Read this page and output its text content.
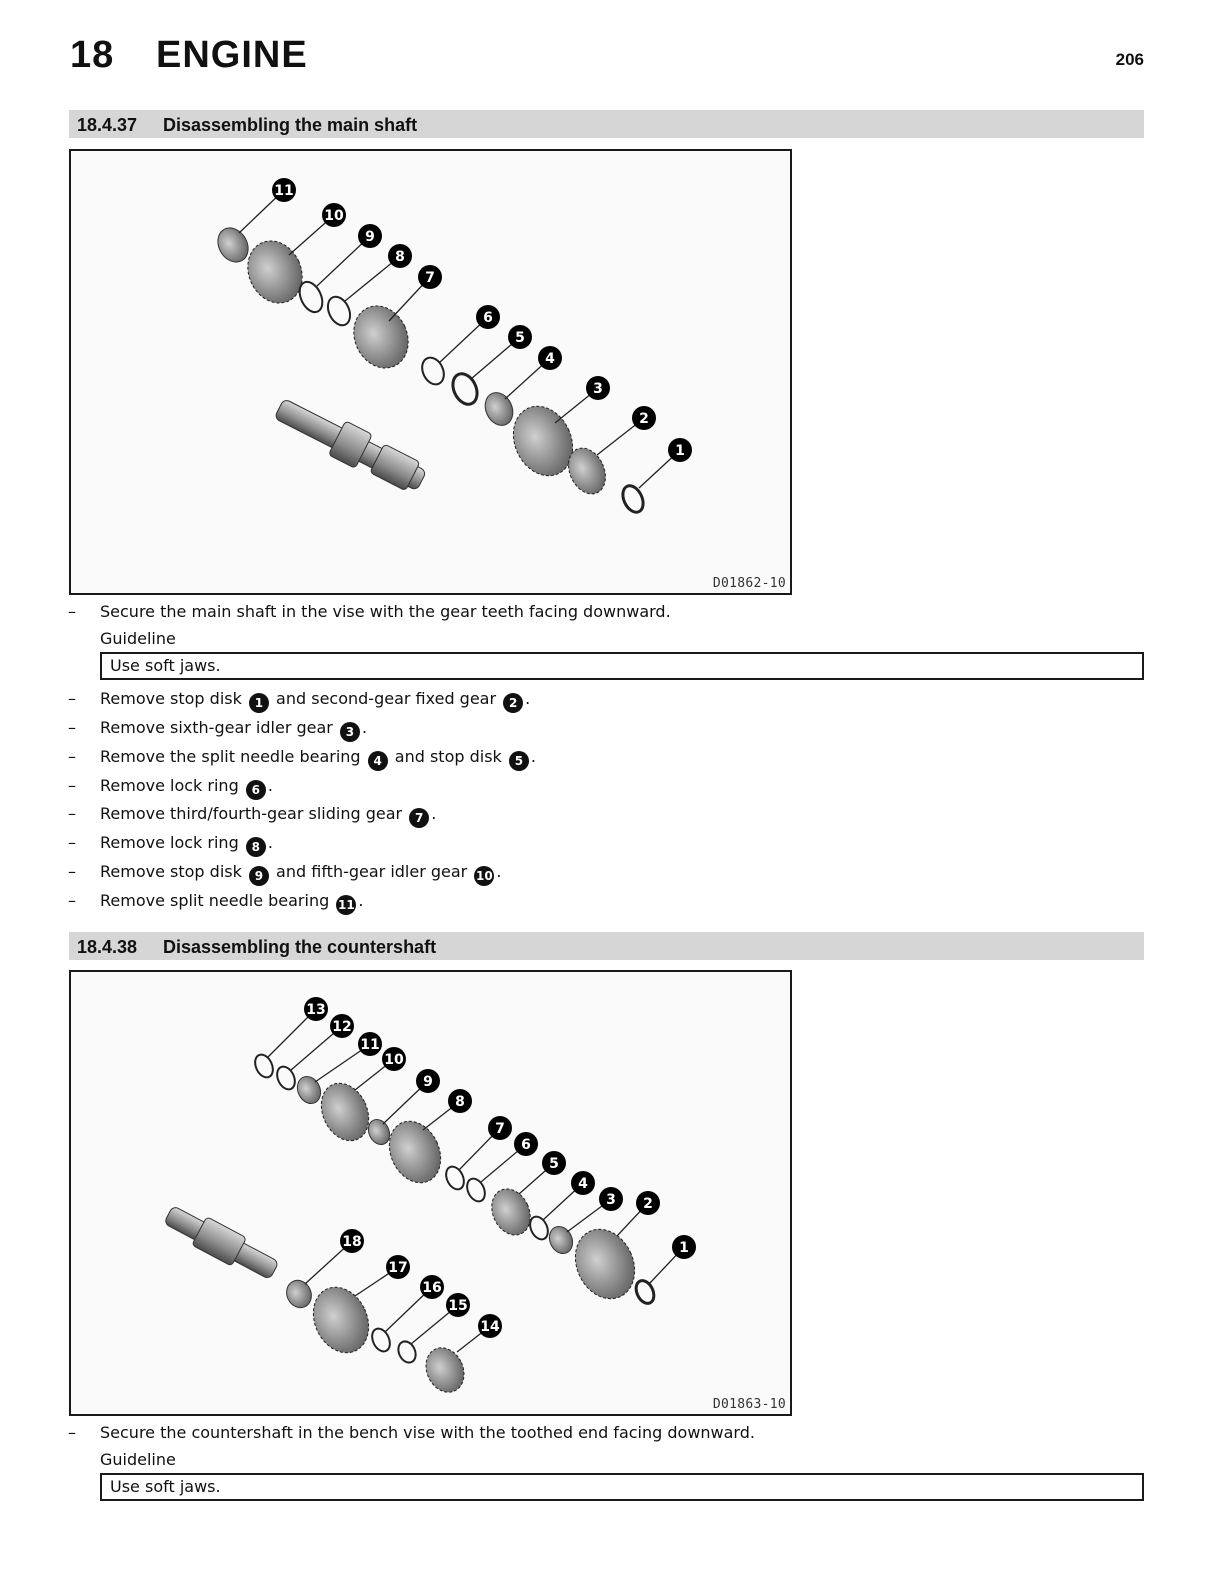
18 ENGINE	206
18.4.37 Disassembling the main shaft
11
10
9
8
7
6
5
4
3
2
1
D01862-10
– Secure the main shaft in the vise with the gear teeth facing downward.
Guideline
Use soft jaws.
– Remove stop disk 1 and second-gear fixed gear 2 .
– Remove sixth-gear idler gear 3 .
– Remove the split needle bearing 4 and stop disk 5 .
– Remove lock ring 6 .
– Remove third/fourth-gear sliding gear 7 .
– Remove lock ring 8 .
– Remove stop disk 9 and fifth-gear idler gear 10 .
– Remove split needle bearing 11 .
18.4.38 Disassembling the countershaft
13
12
11
10
9
8
7
6
5
4
3 2
1
18
17
16
15
14
D01863-10
– Secure the countershaft in the bench vise with the toothed end facing downward.
Guideline
Use soft jaws.
